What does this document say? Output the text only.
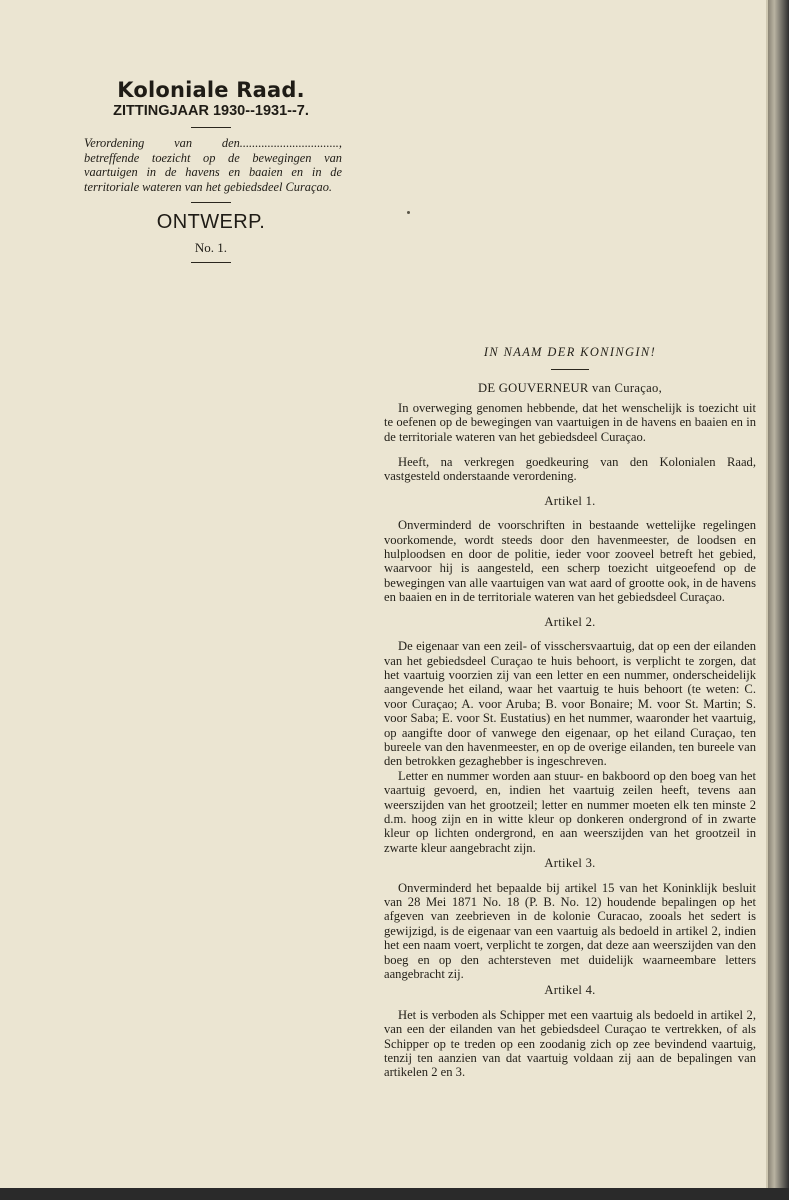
Koloniale Raad.
ZITTINGJAAR 1930--1931--7.

Verordening van den................................, betreffende toezicht op de bewegingen van vaartuigen in de havens en baaien en in de territoriale wateren van het gebiedsdeel Curaçao.

ONTWERP.
No. 1.

IN NAAM DER KONINGIN!

DE GOUVERNEUR van Curaçao,

In overweging genomen hebbende, dat het wenschelijk is toezicht uit te oefenen op de bewegingen van vaartuigen in de havens en baaien en in de territoriale wateren van het gebiedsdeel Curaçao.

Heeft, na verkregen goedkeuring van den Kolonialen Raad, vastgesteld onderstaande verordening.

Artikel 1.

Onverminderd de voorschriften in bestaande wettelijke regelingen voorkomende, wordt steeds door den havenmeester, de loodsen en hulploodsen en door de politie, ieder voor zooveel betreft het gebied, waarvoor hij is aangesteld, een scherp toezicht uitgeoefend op de bewegingen van alle vaartuigen van wat aard of grootte ook, in de havens en baaien en in de territoriale wateren van het gebiedsdeel Curaçao.

Artikel 2.

De eigenaar van een zeil- of visschersvaartuig, dat op een der eilanden van het gebiedsdeel Curaçao te huis behoort, is verplicht te zorgen, dat het vaartuig voorzien zij van een letter en een nummer, onderscheidelijk aangevende het eiland, waar het vaartuig te huis behoort (te weten: C. voor Curaçao; A. voor Aruba; B. voor Bonaire; M. voor St. Martin; S. voor Saba; E. voor St. Eustatius) en het nummer, waaronder het vaartuig, op aangifte door of vanwege den eigenaar, op het eiland Curaçao, ten bureele van den havenmeester, en op de overige eilanden, ten bureele van den betrokken gezaghebber is ingeschreven.

Letter en nummer worden aan stuur- en bakboord op den boeg van het vaartuig gevoerd, en, indien het vaartuig zeilen heeft, tevens aan weerszijden van het grootzeil; letter en nummer moeten elk ten minste 2 d.m. hoog zijn en in witte kleur op donkeren ondergrond of in zwarte kleur op lichten ondergrond, en aan weerszijden van het grootzeil in zwarte kleur aangebracht zijn.

Artikel 3.

Onverminderd het bepaalde bij artikel 15 van het Koninklijk besluit van 28 Mei 1871 No. 18 (P. B. No. 12) houdende bepalingen op het afgeven van zeebrieven in de kolonie Curacao, zooals het sedert is gewijzigd, is de eigenaar van een vaartuig als bedoeld in artikel 2, indien het een naam voert, verplicht te zorgen, dat deze aan weerszijden van den boeg en op den achtersteven met duidelijk waarneembare letters aangebracht zij.

Artikel 4.

Het is verboden als Schipper met een vaartuig als bedoeld in artikel 2, van een der eilanden van het gebiedsdeel Curaçao te vertrekken, of als Schipper op te treden op een zoodanig zich op zee bevindend vaartuig, tenzij ten aanzien van dat vaartuig voldaan zij aan de bepalingen van artikelen 2 en 3.
